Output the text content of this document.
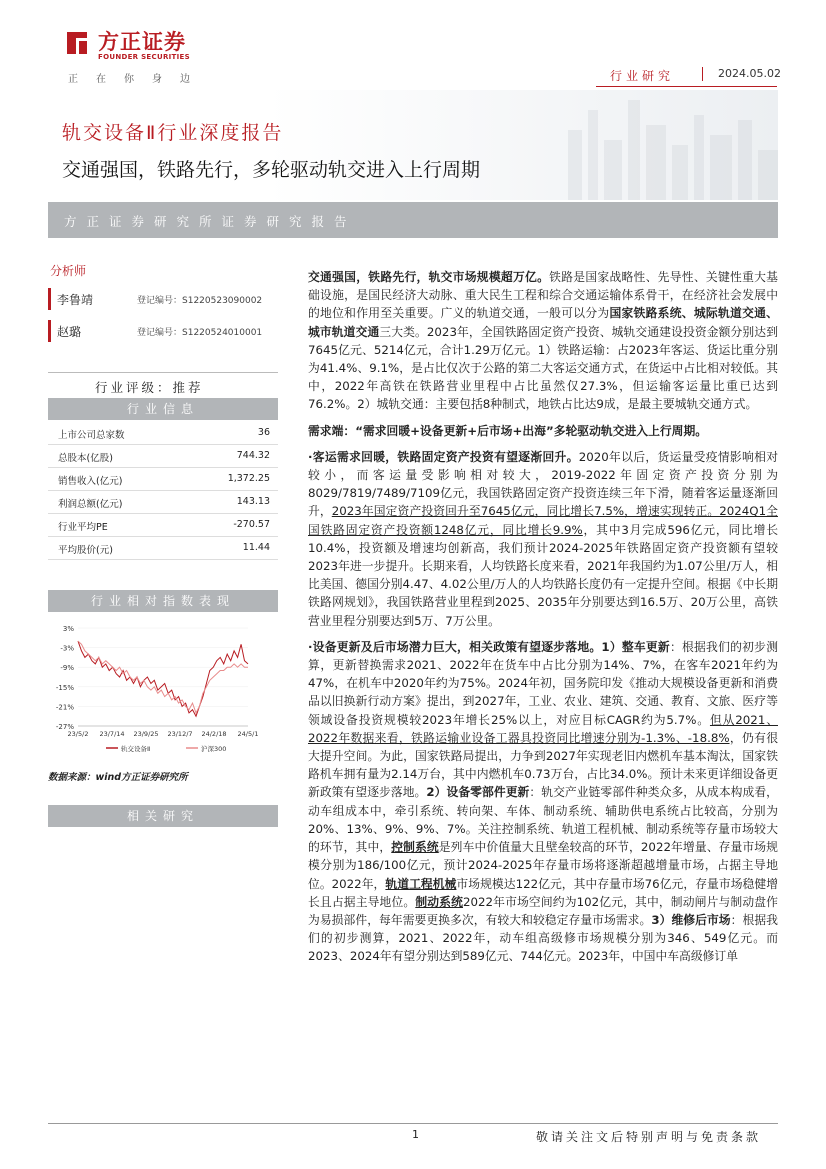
方正证券
FOUNDER SECURITIES
正在你身边	行业研究	2024.05.02
轨交设备Ⅱ行业深度报告
交通强国，铁路先行，多轮驱动轨交进入上行周期
方正证券研究所证券研究报告
分析师
李鲁靖	登记编号：S1220523090002
赵璐	登记编号：S1220524010001
行业评级：推荐
行业信息
上市公司总家数	36
总股本(亿股)	744.32
销售收入(亿元)	1,372.25
利润总额(亿元)	143.13
行业平均PE	-270.57
平均股价(元)	11.44
行业相对指数表现
3%
-3%
-9%
-15%
-21%
-27%
23/5/2 23/7/14 23/9/25 23/12/7 24/2/18 24/5/1
轨交设备Ⅱ	沪深300
数据来源：wind方正证券研究所
相关研究

交通强国，铁路先行，轨交市场规模超万亿。铁路是国家战略性、先导性、关键性重大基础设施，是国民经济大动脉、重大民生工程和综合交通运输体系骨干，在经济社会发展中的地位和作用至关重要。广义的轨道交通，一般可以分为国家铁路系统、城际轨道交通、城市轨道交通三大类。2023年，全国铁路固定资产投资、城轨交通建设投资金额分别达到7645亿元、5214亿元，合计1.29万亿元。1）铁路运输：占2023年客运、货运比重分别为41.4%、9.1%，是占比仅次于公路的第二大客运交通方式，在货运中占比相对较低。其中，2022年高铁在铁路营业里程中占比虽然仅27.3%，但运输客运量比重已达到76.2%。2）城轨交通：主要包括8种制式，地铁占比达9成，是最主要城轨交通方式。

需求端：“需求回暖+设备更新+后市场+出海”多轮驱动轨交进入上行周期。

·客运需求回暖，铁路固定资产投资有望逐渐回升。2020年以后，货运量受疫情影响相对较小，而客运量受影响相对较大，2019-2022年固定资产投资分别为8029/7819/7489/7109亿元，我国铁路固定资产投资连续三年下滑，随着客运量逐渐回升，2023年国定资产投资回升至7645亿元，同比增长7.5%，增速实现转正。2024Q1全国铁路固定资产投资额1248亿元，同比增长9.9%，其中3月完成596亿元，同比增长10.4%，投资额及增速均创新高，我们预计2024-2025年铁路固定资产投资额有望较2023年进一步提升。长期来看，人均铁路长度来看，2021年我国约为1.07公里/万人，相比美国、德国分别4.47、4.02公里/万人的人均铁路长度仍有一定提升空间。根据《中长期铁路网规划》，我国铁路营业里程到2025、2035年分别要达到16.5万、20万公里，高铁营业里程分别要达到5万、7万公里。

·设备更新及后市场潜力巨大，相关政策有望逐步落地。1）整车更新：根据我们的初步测算，更新替换需求2021、2022年在货车中占比分别为14%、7%，在客车2021年约为47%，在机车中2020年约为75%。2024年初，国务院印发《推动大规模设备更新和消费品以旧换新行动方案》提出，到2027年，工业、农业、建筑、交通、教育、文旅、医疗等领域设备投资规模较2023年增长25%以上，对应目标CAGR约为5.7%。但从2021、2022年数据来看，铁路运输业设备工器具投资同比增速分别为-1.3%、-18.8%，仍有很大提升空间。为此，国家铁路局提出，力争到2027年实现老旧内燃机车基本淘汰，国家铁路机车拥有量为2.14万台，其中内燃机车0.73万台，占比34.0%。预计未来更详细设备更新政策有望逐步落地。2）设备零部件更新：轨交产业链零部件种类众多，从成本构成看，动车组成本中，牵引系统、转向架、车体、制动系统、辅助供电系统占比较高，分别为20%、13%、9%、9%、7%。关注控制系统、轨道工程机械、制动系统等存量市场较大的环节，其中，控制系统是列车中价值量大且壁垒较高的环节，2022年增量、存量市场规模分别为186/100亿元，预计2024-2025年存量市场将逐渐超越增量市场，占据主导地位。2022年，轨道工程机械市场规模达122亿元，其中存量市场76亿元，存量市场稳健增长且占据主导地位。制动系统2022年市场空间约为102亿元，其中，制动闸片与制动盘作为易损部件，每年需要更换多次，有较大和较稳定存量市场需求。3）维修后市场：根据我们的初步测算，2021、2022年，动车组高级修市场规模分别为346、549亿元。而2023、2024年有望分别达到589亿元、744亿元。2023年，中国中车高级修订单

1	敬请关注文后特别声明与免责条款
